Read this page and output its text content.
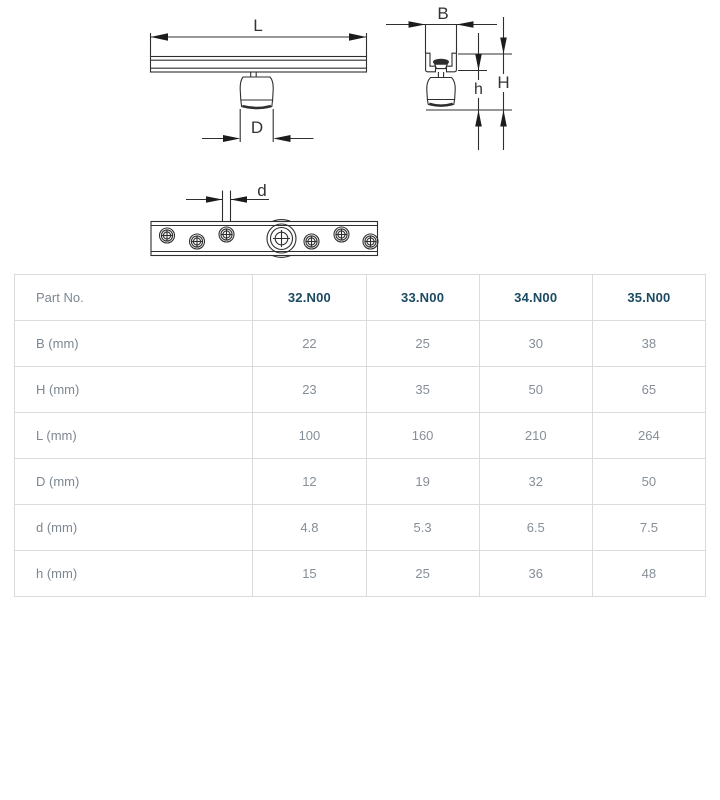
L
D
B
h H
d
Part No.	32.N00	33.N00	34.N00	35.N00
B (mm)	22	25	30	38
H (mm)	23	35	50	65
L (mm)	100	160	210	264
D (mm)	12	19	32	50
d (mm)	4.8	5.3	6.5	7.5
h (mm)	15	25	36	48
